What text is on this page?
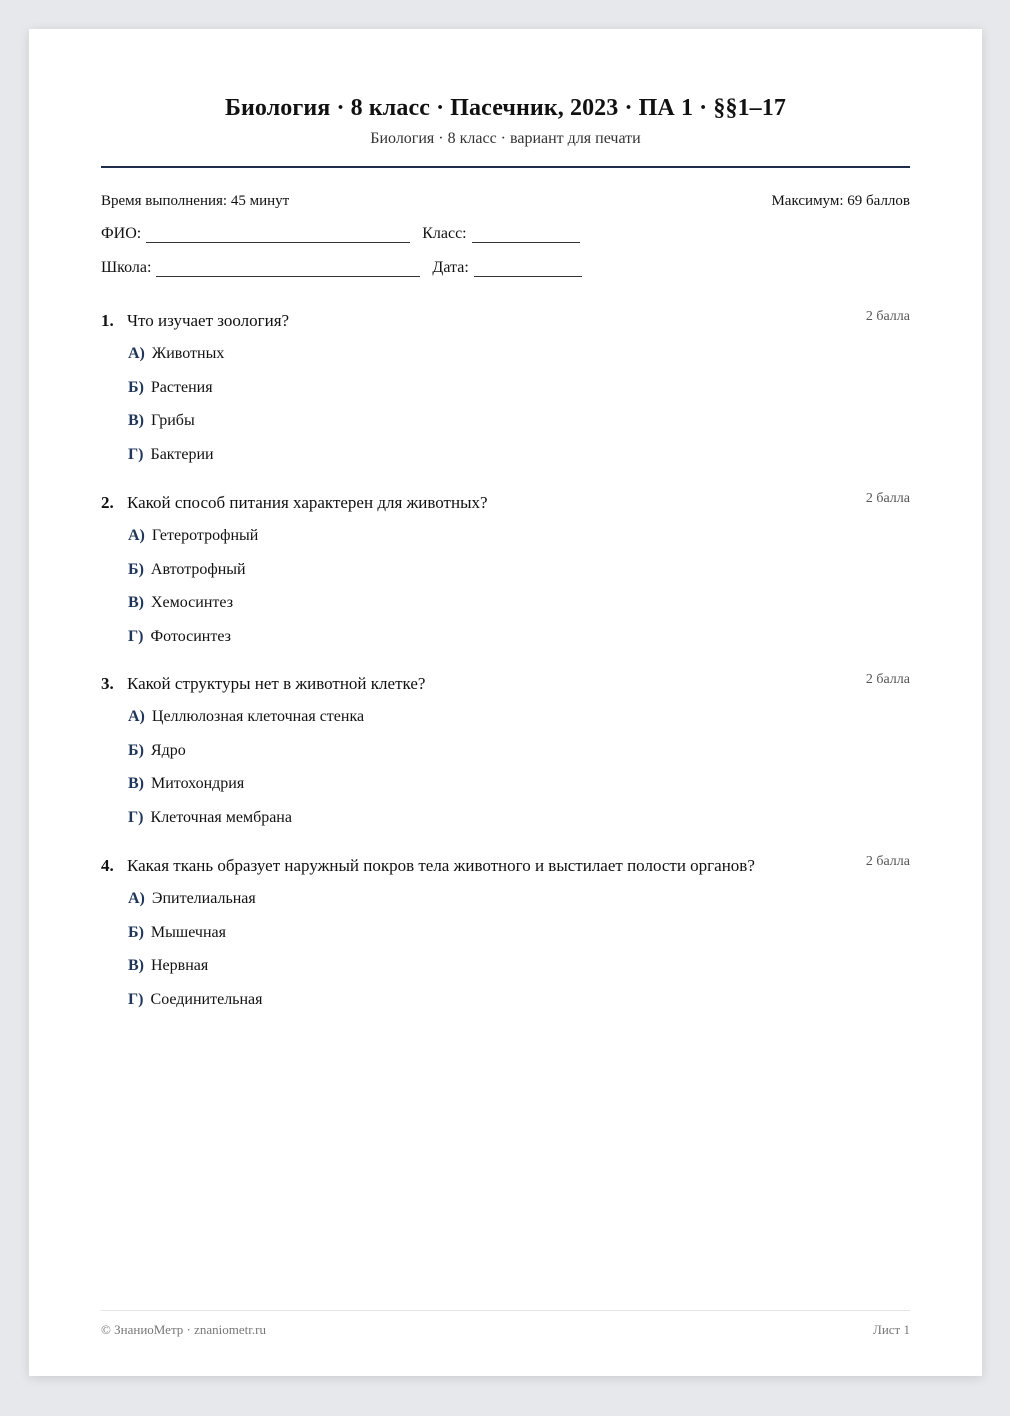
Биология · 8 класс · Пасечник, 2023 · ПА 1 · §§1–17
Биология · 8 класс · вариант для печати
Время выполнения: 45 минут	Максимум: 69 баллов
ФИО:	Класс:
Школа:	Дата:
1. Что изучает зоология?	2 балла
А) Животных
Б) Растения
В) Грибы
Г) Бактерии
2. Какой способ питания характерен для животных?	2 балла
А) Гетеротрофный
Б) Автотрофный
В) Хемосинтез
Г) Фотосинтез
3. Какой структуры нет в животной клетке?	2 балла
А) Целлюлозная клеточная стенка
Б) Ядро
В) Митохондрия
Г) Клеточная мембрана
4. Какая ткань образует наружный покров тела животного и выстилает полости органов?	2 балла
А) Эпителиальная
Б) Мышечная
В) Нервная
Г) Соединительная
© ЗнаниоМетр · znaniometr.ru	Лист 1
